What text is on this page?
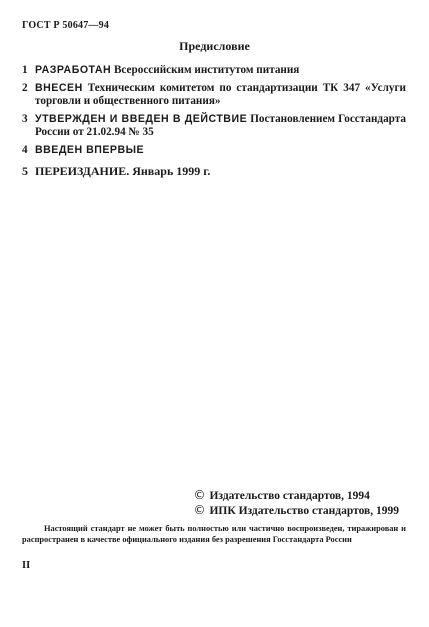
ГОСТ Р 50647—94
Предисловие
1 РАЗРАБОТАН Всероссийским институтом питания
2 ВНЕСЕН Техническим комитетом по стандартизации ТК 347 «Услуги торговли и общественного питания»
3 УТВЕРЖДЕН И ВВЕДЕН В ДЕЙСТВИЕ Постановлением Госстандарта России от 21.02.94 № 35
4 ВВЕДЕН ВПЕРВЫЕ
5 ПЕРЕИЗДАНИЕ. Январь 1999 г.
© Издательство стандартов, 1994
© ИПК Издательство стандартов, 1999
Настоящий стандарт не может быть полностью или частично воспроизведен, тиражирован и распространен в качестве официального издания без разрешения Госстандарта России
II
